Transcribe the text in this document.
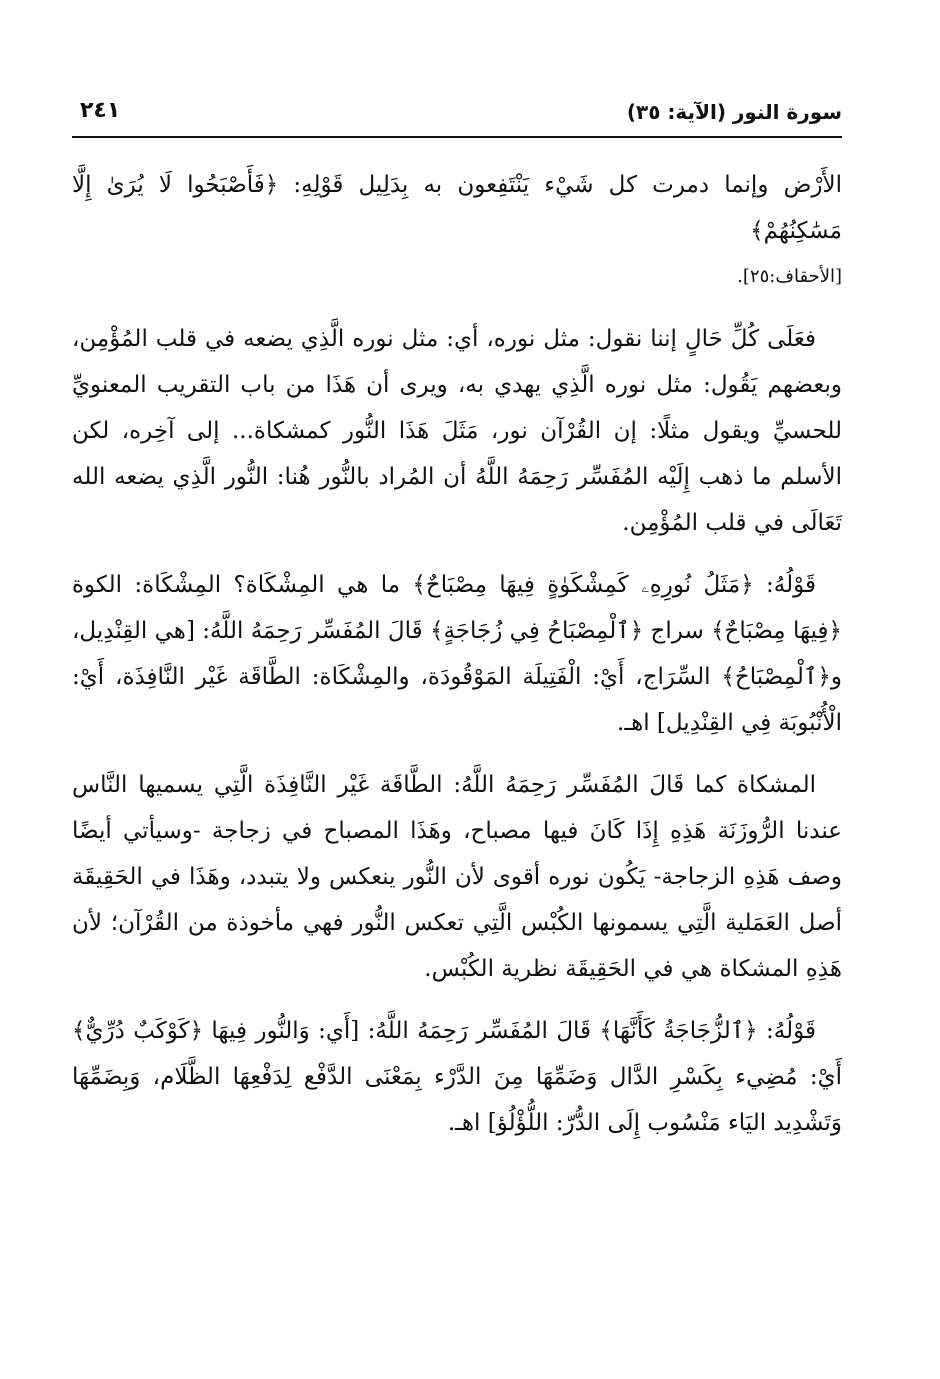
سورة النور (الآية: ٣٥)
٢٤١

الأَرْض وإنما دمرت كل شَيْء يَنْتَفِعون به بِدَلِيل قَوْلِهِ: ﴿فَأَصْبَحُوا لَا يُرَىٰ إِلَّا مَسَٰكِنُهُمْ﴾

[الأحقاف:٢٥].

فعَلَى كُلِّ حَالٍ إننا نقول: مثل نوره، أي: مثل نوره الَّذِي يضعه في قلب المُؤْمِن، وبعضهم يَقُول: مثل نوره الَّذِي يهدي به، ويرى أن هَذَا من باب التقريب المعنويِّ للحسيِّ ويقول مثلًا: إن القُرْآن نور، مَثَلَ هَذَا النُّور كمشكاة... إلى آخِره، لكن الأسلم ما ذهب إِلَيْه المُفَسِّر رَحِمَهُ اللَّهُ أن المُراد بالنُّور هُنا: النُّور الَّذِي يضعه الله تَعَالَى في قلب المُؤْمِن.

قَوْلُهُ: ﴿مَثَلُ نُورِهِۦ كَمِشْكَوٰةٍ فِيهَا مِصْبَاحٌ﴾ ما هي المِشْكَاة؟ المِشْكَاة: الكوة ﴿فِيهَا مِصْبَاحٌ﴾ سراج ﴿ٱلْمِصْبَاحُ فِي زُجَاجَةٍ﴾ قَالَ المُفَسِّر رَحِمَهُ اللَّهُ: [هي القِنْدِيل، و﴿ٱلْمِصْبَاحُ﴾ السِّرَاج، أَيْ: الْفَتِيلَة المَوْقُودَة، والمِشْكَاة: الطَّاقَة غَيْر النَّافِذَة، أَيْ: الْأُنْبُوبَة فِي القِنْدِيل] اهـ.

المشكاة كما قَالَ المُفَسِّر رَحِمَهُ اللَّهُ: الطَّاقَة غَيْر النَّافِذَة الَّتِي يسميها النَّاس عندنا الرُّوزَنَة هَذِهِ إِذَا كَانَ فيها مصباح، وهَذَا المصباح في زجاجة -وسيأتي أيضًا وصف هَذِهِ الزجاجة- يَكُون نوره أقوى لأن النُّور ينعكس ولا يتبدد، وهَذَا في الحَقِيقَة أصل العَمَلية الَّتِي يسمونها الكُبْس الَّتِي تعكس النُّور فهي مأخوذة من القُرْآن؛ لأن هَذِهِ المشكاة هي في الحَقِيقَة نظرية الكُبْس.

قَوْلُهُ: ﴿ٱلزُّجَاجَةُ كَأَنَّهَا﴾ قَالَ المُفَسِّر رَحِمَهُ اللَّهُ: [أَي: وَالنُّور فِيهَا ﴿كَوْكَبٌ دُرِّيٌّ﴾ أَيْ: مُضِيء بِكَسْرِ الدَّال وَضَمِّهَا مِنَ الدَّرْء بِمَعْنَى الدَّفْع لِدَفْعِهَا الظَّلَام، وَبِضَمِّهَا وَتَشْدِيد اليَاء مَنْسُوب إِلَى الدُّرّ: اللُّؤْلُؤ] اهـ.
